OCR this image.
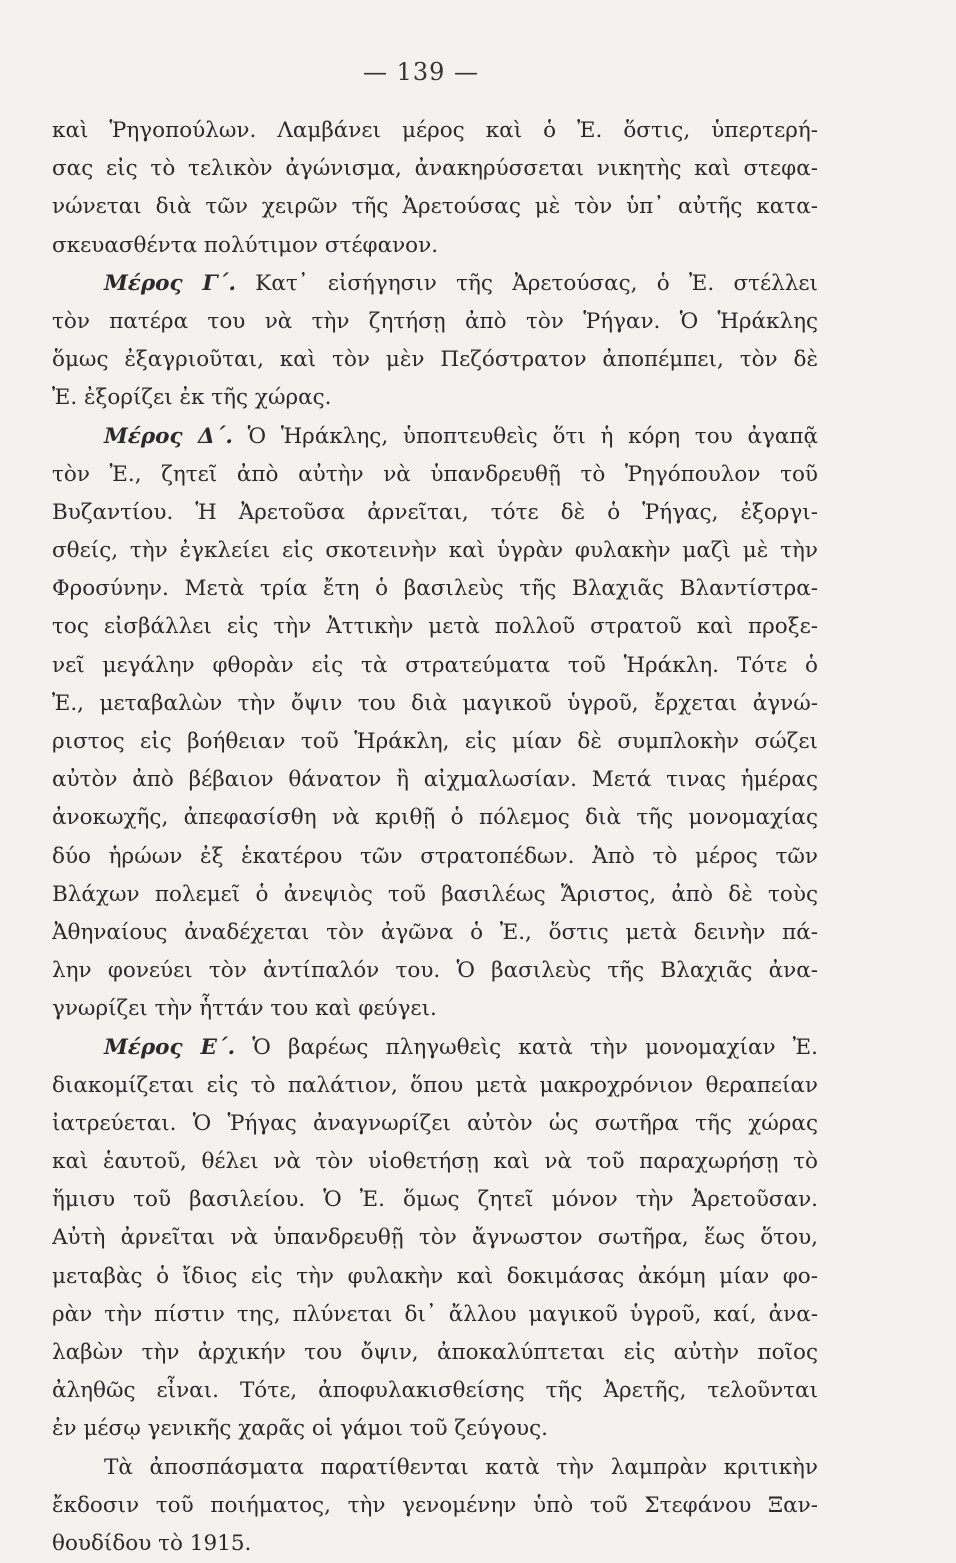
— 139 —
καὶ Ῥηγοπούλων. Λαμβάνει μέρος καὶ ὁ Ἐ. ὅστις, ὑπερτερή-
σας εἰς τὸ τελικὸν ἀγώνισμα, ἀνακηρύσσεται νικητὴς καὶ στεφα-
νώνεται διὰ τῶν χειρῶν τῆς Ἀρετούσας μὲ τὸν ὑπ᾽ αὐτῆς κατα-
σκευασθέντα πολύτιμον στέφανον.
Μέρος Γ΄. Κατ᾽ εἰσήγησιν τῆς Ἀρετούσας, ὁ Ἐ. στέλλει
τὸν πατέρα του νὰ τὴν ζητήσῃ ἀπὸ τὸν Ῥήγαν. Ὁ Ἡράκλης
ὅμως ἐξαγριοῦται, καὶ τὸν μὲν Πεζόστρατον ἀποπέμπει, τὸν δὲ
Ἐ. ἐξορίζει ἐκ τῆς χώρας.
Μέρος Δ΄. Ὁ Ἡράκλης, ὑποπτευθεὶς ὅτι ἡ κόρη του ἀγαπᾷ
τὸν Ἐ., ζητεῖ ἀπὸ αὐτὴν νὰ ὑπανδρευθῇ τὸ Ῥηγόπουλον τοῦ
Βυζαντίου. Ἡ Ἀρετοῦσα ἀρνεῖται, τότε δὲ ὁ Ῥήγας, ἐξοργι-
σθείς, τὴν ἐγκλείει εἰς σκοτεινὴν καὶ ὑγρὰν φυλακὴν μαζὶ μὲ τὴν
Φροσύνην. Μετὰ τρία ἔτη ὁ βασιλεὺς τῆς Βλαχιᾶς Βλαντίστρα-
τος εἰσβάλλει εἰς τὴν Ἀττικὴν μετὰ πολλοῦ στρατοῦ καὶ προξε-
νεῖ μεγάλην φθορὰν εἰς τὰ στρατεύματα τοῦ Ἡράκλη. Τότε ὁ
Ἐ., μεταβαλὼν τὴν ὄψιν του διὰ μαγικοῦ ὑγροῦ, ἔρχεται ἀγνώ-
ριστος εἰς βοήθειαν τοῦ Ἡράκλη, εἰς μίαν δὲ συμπλοκὴν σώζει
αὐτὸν ἀπὸ βέβαιον θάνατον ἢ αἰχμαλωσίαν. Μετά τινας ἡμέρας
ἀνοκωχῆς, ἀπεφασίσθη νὰ κριθῇ ὁ πόλεμος διὰ τῆς μονομαχίας
δύο ἡρώων ἐξ ἑκατέρου τῶν στρατοπέδων. Ἀπὸ τὸ μέρος τῶν
Βλάχων πολεμεῖ ὁ ἀνεψιὸς τοῦ βασιλέως Ἄριστος, ἀπὸ δὲ τοὺς
Ἀθηναίους ἀναδέχεται τὸν ἀγῶνα ὁ Ἐ., ὅστις μετὰ δεινὴν πά-
λην φονεύει τὸν ἀντίπαλόν του. Ὁ βασιλεὺς τῆς Βλαχιᾶς ἀνα-
γνωρίζει τὴν ἧττάν του καὶ φεύγει.
Μέρος Ε΄. Ὁ βαρέως πληγωθεὶς κατὰ τὴν μονομαχίαν Ἐ.
διακομίζεται εἰς τὸ παλάτιον, ὅπου μετὰ μακροχρόνιον θεραπείαν
ἰατρεύεται. Ὁ Ῥήγας ἀναγνωρίζει αὐτὸν ὡς σωτῆρα τῆς χώρας
καὶ ἑαυτοῦ, θέλει νὰ τὸν υἱοθετήσῃ καὶ νὰ τοῦ παραχωρήσῃ τὸ
ἥμισυ τοῦ βασιλείου. Ὁ Ἐ. ὅμως ζητεῖ μόνον τὴν Ἀρετοῦσαν.
Αὐτὴ ἀρνεῖται νὰ ὑπανδρευθῇ τὸν ἄγνωστον σωτῆρα, ἕως ὅτου,
μεταβὰς ὁ ἴδιος εἰς τὴν φυλακὴν καὶ δοκιμάσας ἀκόμη μίαν φο-
ρὰν τὴν πίστιν της, πλύνεται δι᾽ ἄλλου μαγικοῦ ὑγροῦ, καί, ἀνα-
λαβὼν τὴν ἀρχικήν του ὄψιν, ἀποκαλύπτεται εἰς αὐτὴν ποῖος
ἀληθῶς εἶναι. Τότε, ἀποφυλακισθείσης τῆς Ἀρετῆς, τελοῦνται
ἐν μέσῳ γενικῆς χαρᾶς οἱ γάμοι τοῦ ζεύγους.
Τὰ ἀποσπάσματα παρατίθενται κατὰ τὴν λαμπρὰν κριτικὴν
ἔκδοσιν τοῦ ποιήματος, τὴν γενομένην ὑπὸ τοῦ Στεφάνου Ξαν-
θουδίδου τὸ 1915.
